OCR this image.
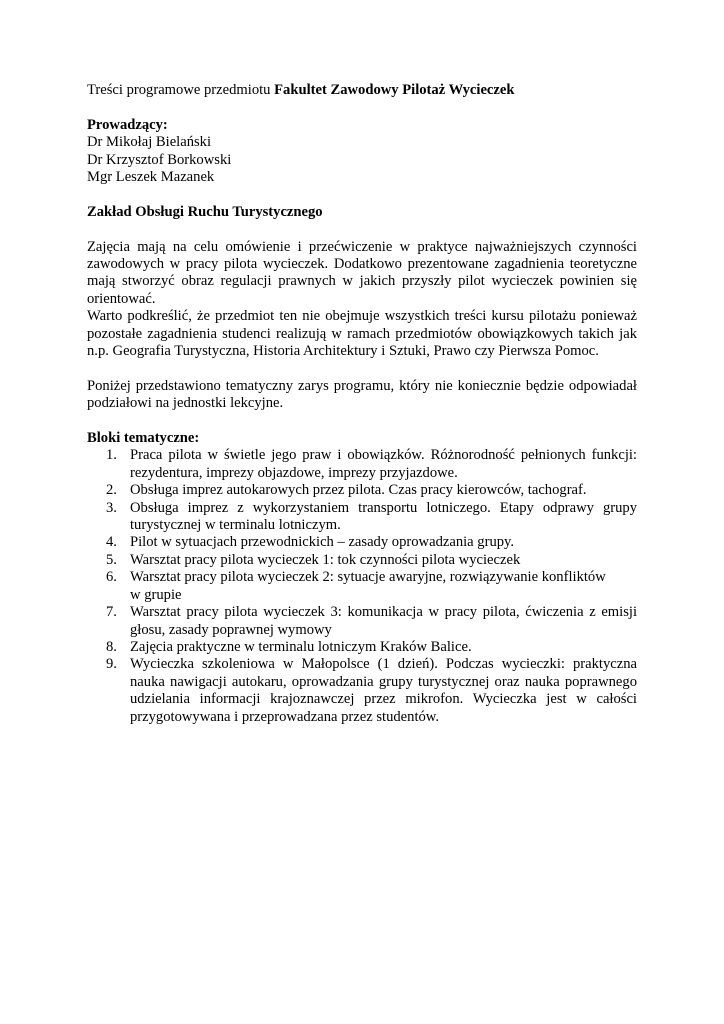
Treści programowe przedmiotu Fakultet Zawodowy Pilotaż Wycieczek

Prowadzący:

Dr Mikołaj Bielański

Dr Krzysztof Borkowski

Mgr Leszek Mazanek

Zakład Obsługi Ruchu Turystycznego

Zajęcia mają na celu omówienie i przećwiczenie w praktyce najważniejszych czynności zawodowych w pracy pilota wycieczek. Dodatkowo prezentowane zagadnienia teoretyczne mają stworzyć obraz regulacji prawnych w jakich przyszły pilot wycieczek powinien się orientować.

Warto podkreślić, że przedmiot ten nie obejmuje wszystkich treści kursu pilotażu ponieważ pozostałe zagadnienia studenci realizują w ramach przedmiotów obowiązkowych takich jak n.p. Geografia Turystyczna, Historia Architektury i Sztuki, Prawo czy Pierwsza Pomoc.

Poniżej przedstawiono tematyczny zarys programu, który nie koniecznie będzie odpowiadał podziałowi na jednostki lekcyjne.

Bloki tematyczne:

1. Praca pilota w świetle jego praw i obowiązków. Różnorodność pełnionych funkcji: rezydentura, imprezy objazdowe, imprezy przyjazdowe.
2. Obsługa imprez autokarowych przez pilota. Czas pracy kierowców, tachograf.
3. Obsługa imprez z wykorzystaniem transportu lotniczego. Etapy odprawy grupy turystycznej w terminalu lotniczym.
4. Pilot w sytuacjach przewodnickich – zasady oprowadzania grupy.
5. Warsztat pracy pilota wycieczek 1: tok czynności pilota wycieczek
6. Warsztat pracy pilota wycieczek 2: sytuacje awaryjne, rozwiązywanie konfliktów
w grupie
7. Warsztat pracy pilota wycieczek 3: komunikacja w pracy pilota, ćwiczenia z emisji głosu, zasady poprawnej wymowy
8. Zajęcia praktyczne w terminalu lotniczym Kraków Balice.
9. Wycieczka szkoleniowa w Małopolsce (1 dzień). Podczas wycieczki: praktyczna nauka nawigacji autokaru, oprowadzania grupy turystycznej oraz nauka poprawnego udzielania informacji krajoznawczej przez mikrofon. Wycieczka jest w całości przygotowywana i przeprowadzana przez studentów.
